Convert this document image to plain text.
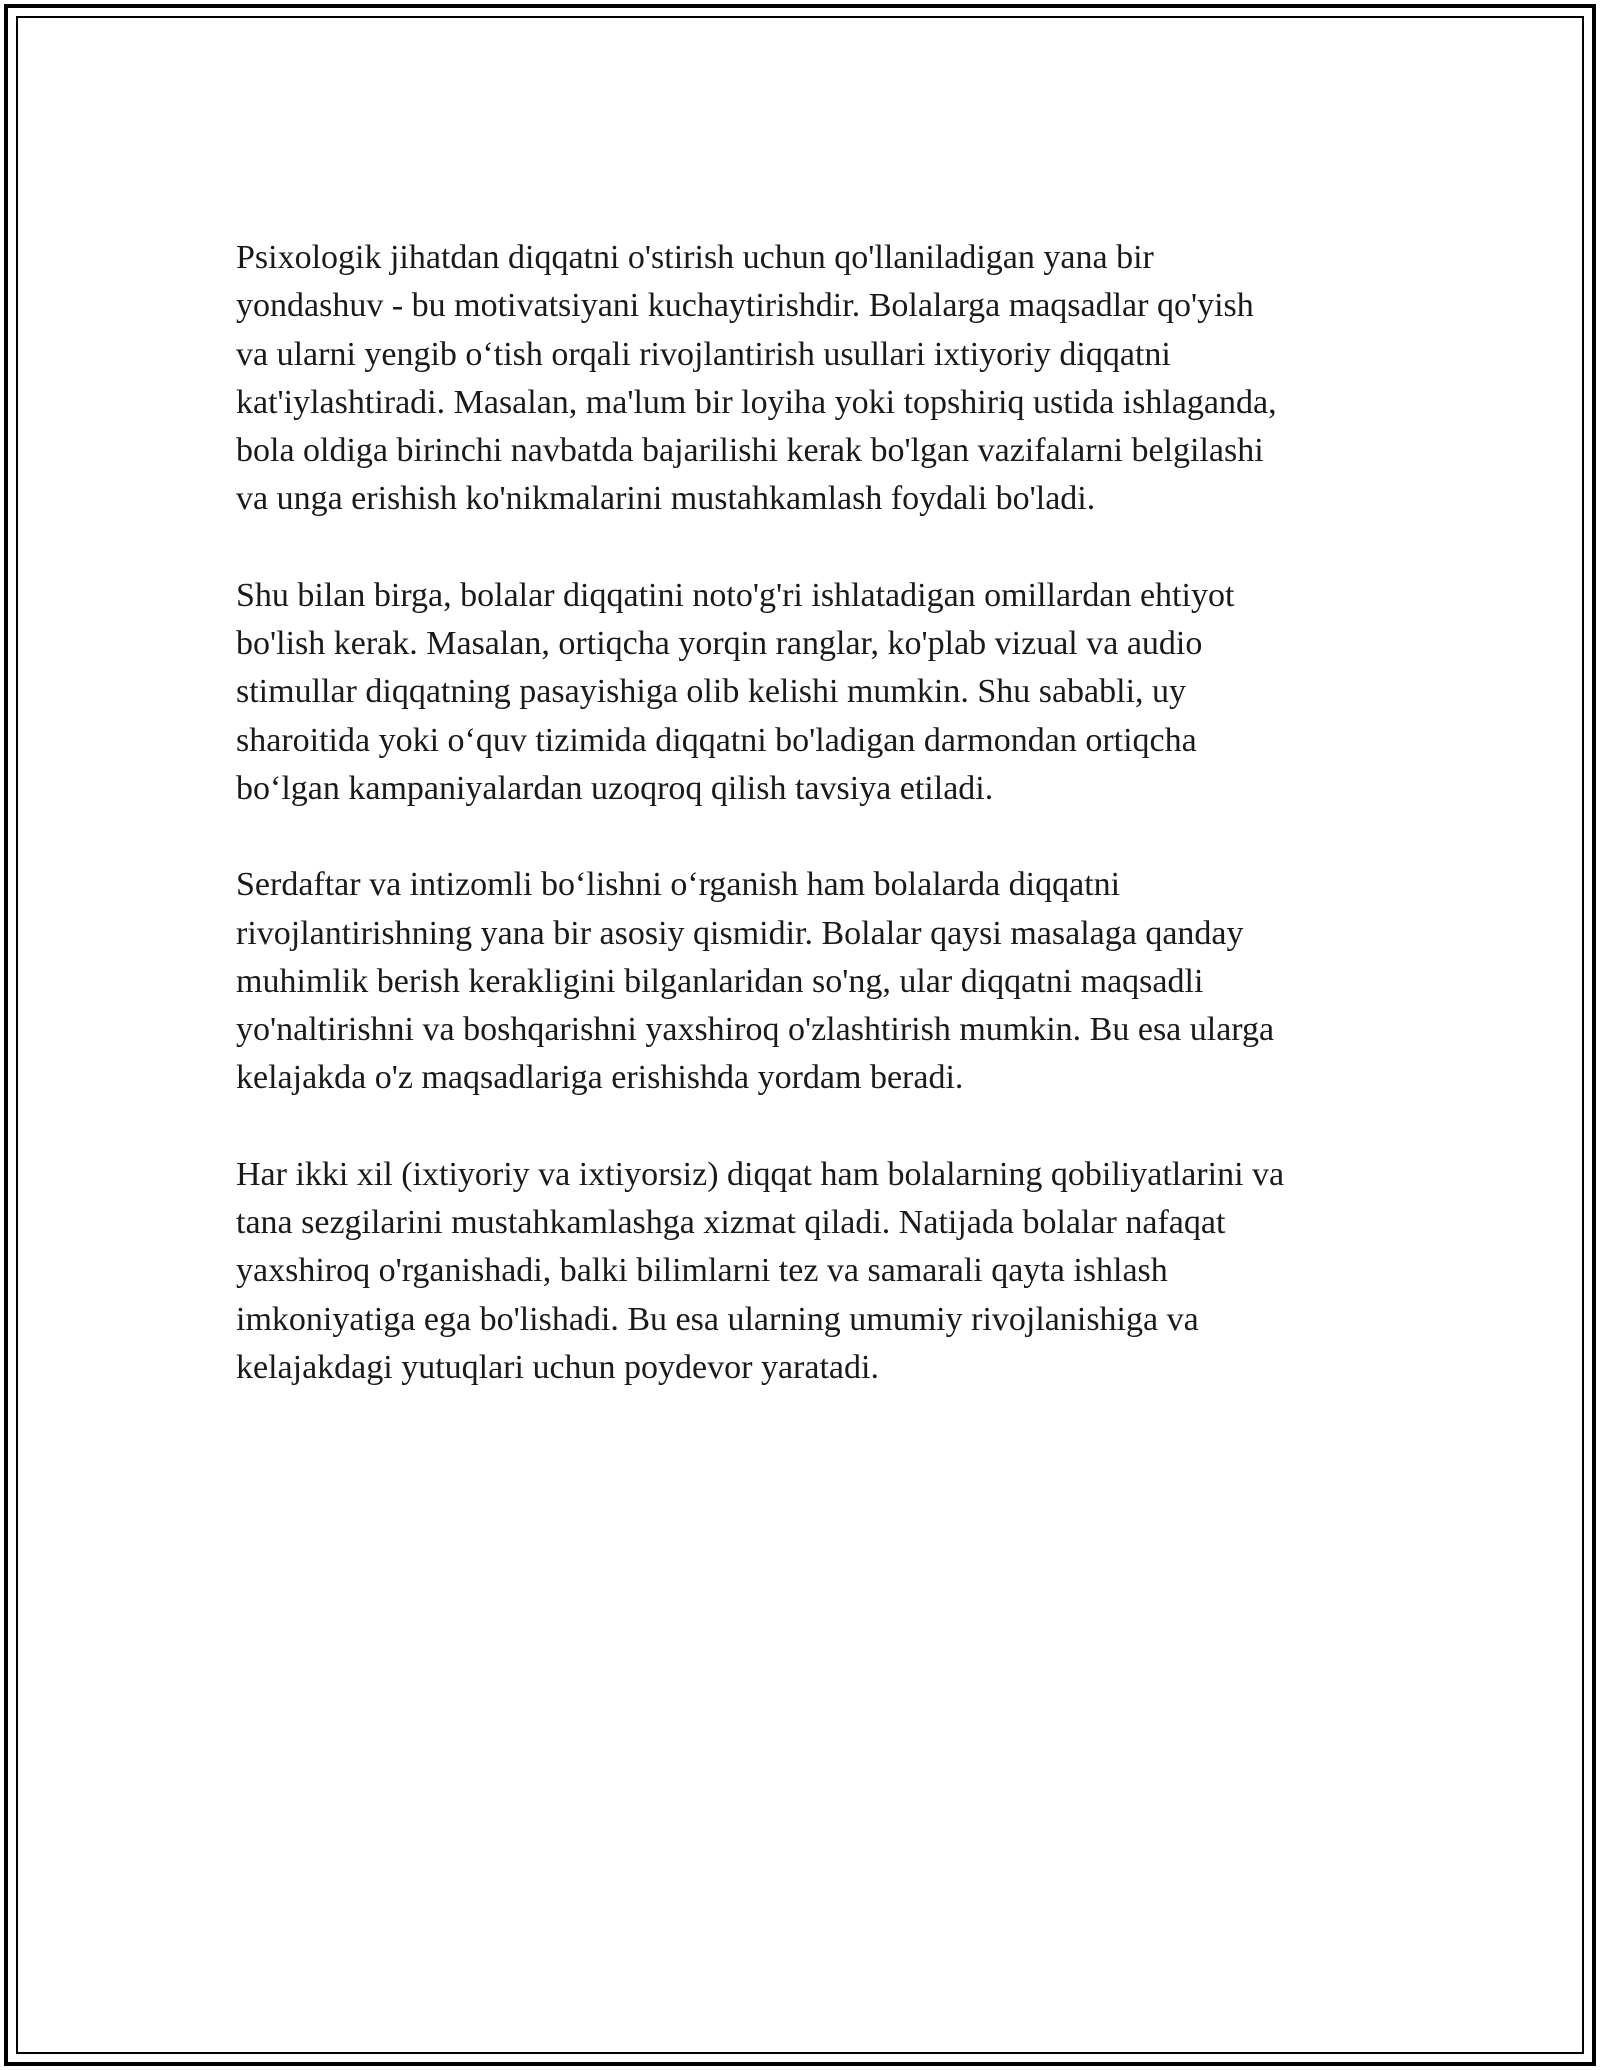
Psixologik jihatdan diqqatni o'stirish uchun qo'llaniladigan yana bir
yondashuv - bu motivatsiyani kuchaytirishdir. Bolalarga maqsadlar qo'yish
va ularni yengib o‘tish orqali rivojlantirish usullari ixtiyoriy diqqatni
kat'iylashtiradi. Masalan, ma'lum bir loyiha yoki topshiriq ustida ishlaganda,
bola oldiga birinchi navbatda bajarilishi kerak bo'lgan vazifalarni belgilashi
va unga erishish ko'nikmalarini mustahkamlash foydali bo'ladi.

Shu bilan birga, bolalar diqqatini noto'g'ri ishlatadigan omillardan ehtiyot
bo'lish kerak. Masalan, ortiqcha yorqin ranglar, ko'plab vizual va audio
stimullar diqqatning pasayishiga olib kelishi mumkin. Shu sababli, uy
sharoitida yoki o‘quv tizimida diqqatni bo'ladigan darmondan ortiqcha
bo‘lgan kampaniyalardan uzoqroq qilish tavsiya etiladi.

Serdaftar va intizomli bo‘lishni o‘rganish ham bolalarda diqqatni
rivojlantirishning yana bir asosiy qismidir. Bolalar qaysi masalaga qanday
muhimlik berish kerakligini bilganlaridan so'ng, ular diqqatni maqsadli
yo'naltirishni va boshqarishni yaxshiroq o'zlashtirish mumkin. Bu esa ularga
kelajakda o'z maqsadlariga erishishda yordam beradi.

Har ikki xil (ixtiyoriy va ixtiyorsiz) diqqat ham bolalarning qobiliyatlarini va
tana sezgilarini mustahkamlashga xizmat qiladi. Natijada bolalar nafaqat
yaxshiroq o'rganishadi, balki bilimlarni tez va samarali qayta ishlash
imkoniyatiga ega bo'lishadi. Bu esa ularning umumiy rivojlanishiga va
kelajakdagi yutuqlari uchun poydevor yaratadi.
